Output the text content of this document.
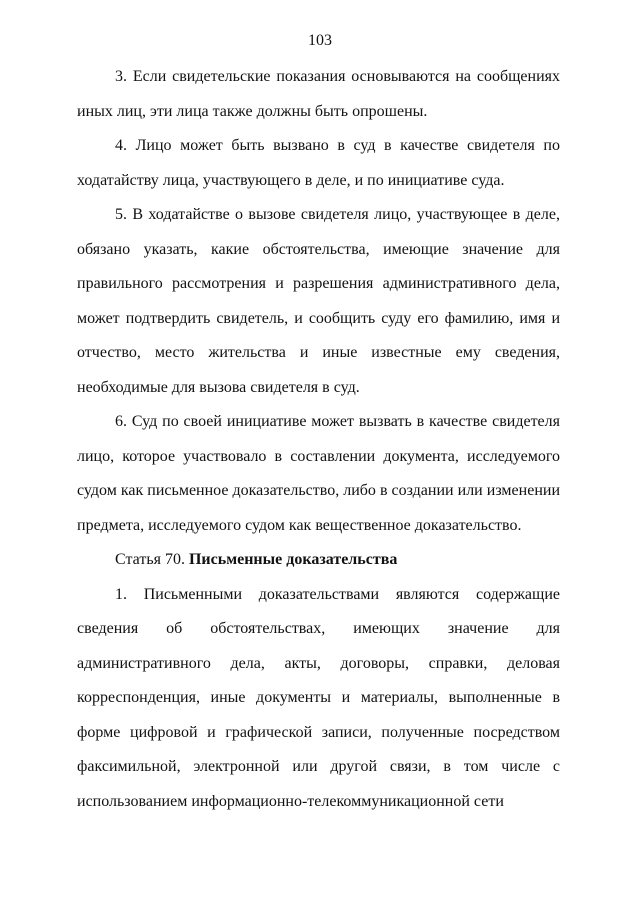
103

3. Если свидетельские показания основываются на сообщениях иных лиц, эти лица также должны быть опрошены.

4. Лицо может быть вызвано в суд в качестве свидетеля по ходатайству лица, участвующего в деле, и по инициативе суда.

5. В ходатайстве о вызове свидетеля лицо, участвующее в деле, обязано указать, какие обстоятельства, имеющие значение для правильного рассмотрения и разрешения административного дела, может подтвердить свидетель, и сообщить суду его фамилию, имя и отчество, место жительства и иные известные ему сведения, необходимые для вызова свидетеля в суд.

6. Суд по своей инициативе может вызвать в качестве свидетеля лицо, которое участвовало в составлении документа, исследуемого судом как письменное доказательство, либо в создании или изменении предмета, исследуемого судом как вещественное доказательство.

Статья 70. Письменные доказательства

1. Письменными доказательствами являются содержащие сведения об обстоятельствах, имеющих значение для административного дела, акты, договоры, справки, деловая корреспонденция, иные документы и материалы, выполненные в форме цифровой и графической записи, полученные посредством факсимильной, электронной или другой связи, в том числе с использованием информационно-телекоммуникационной сети
